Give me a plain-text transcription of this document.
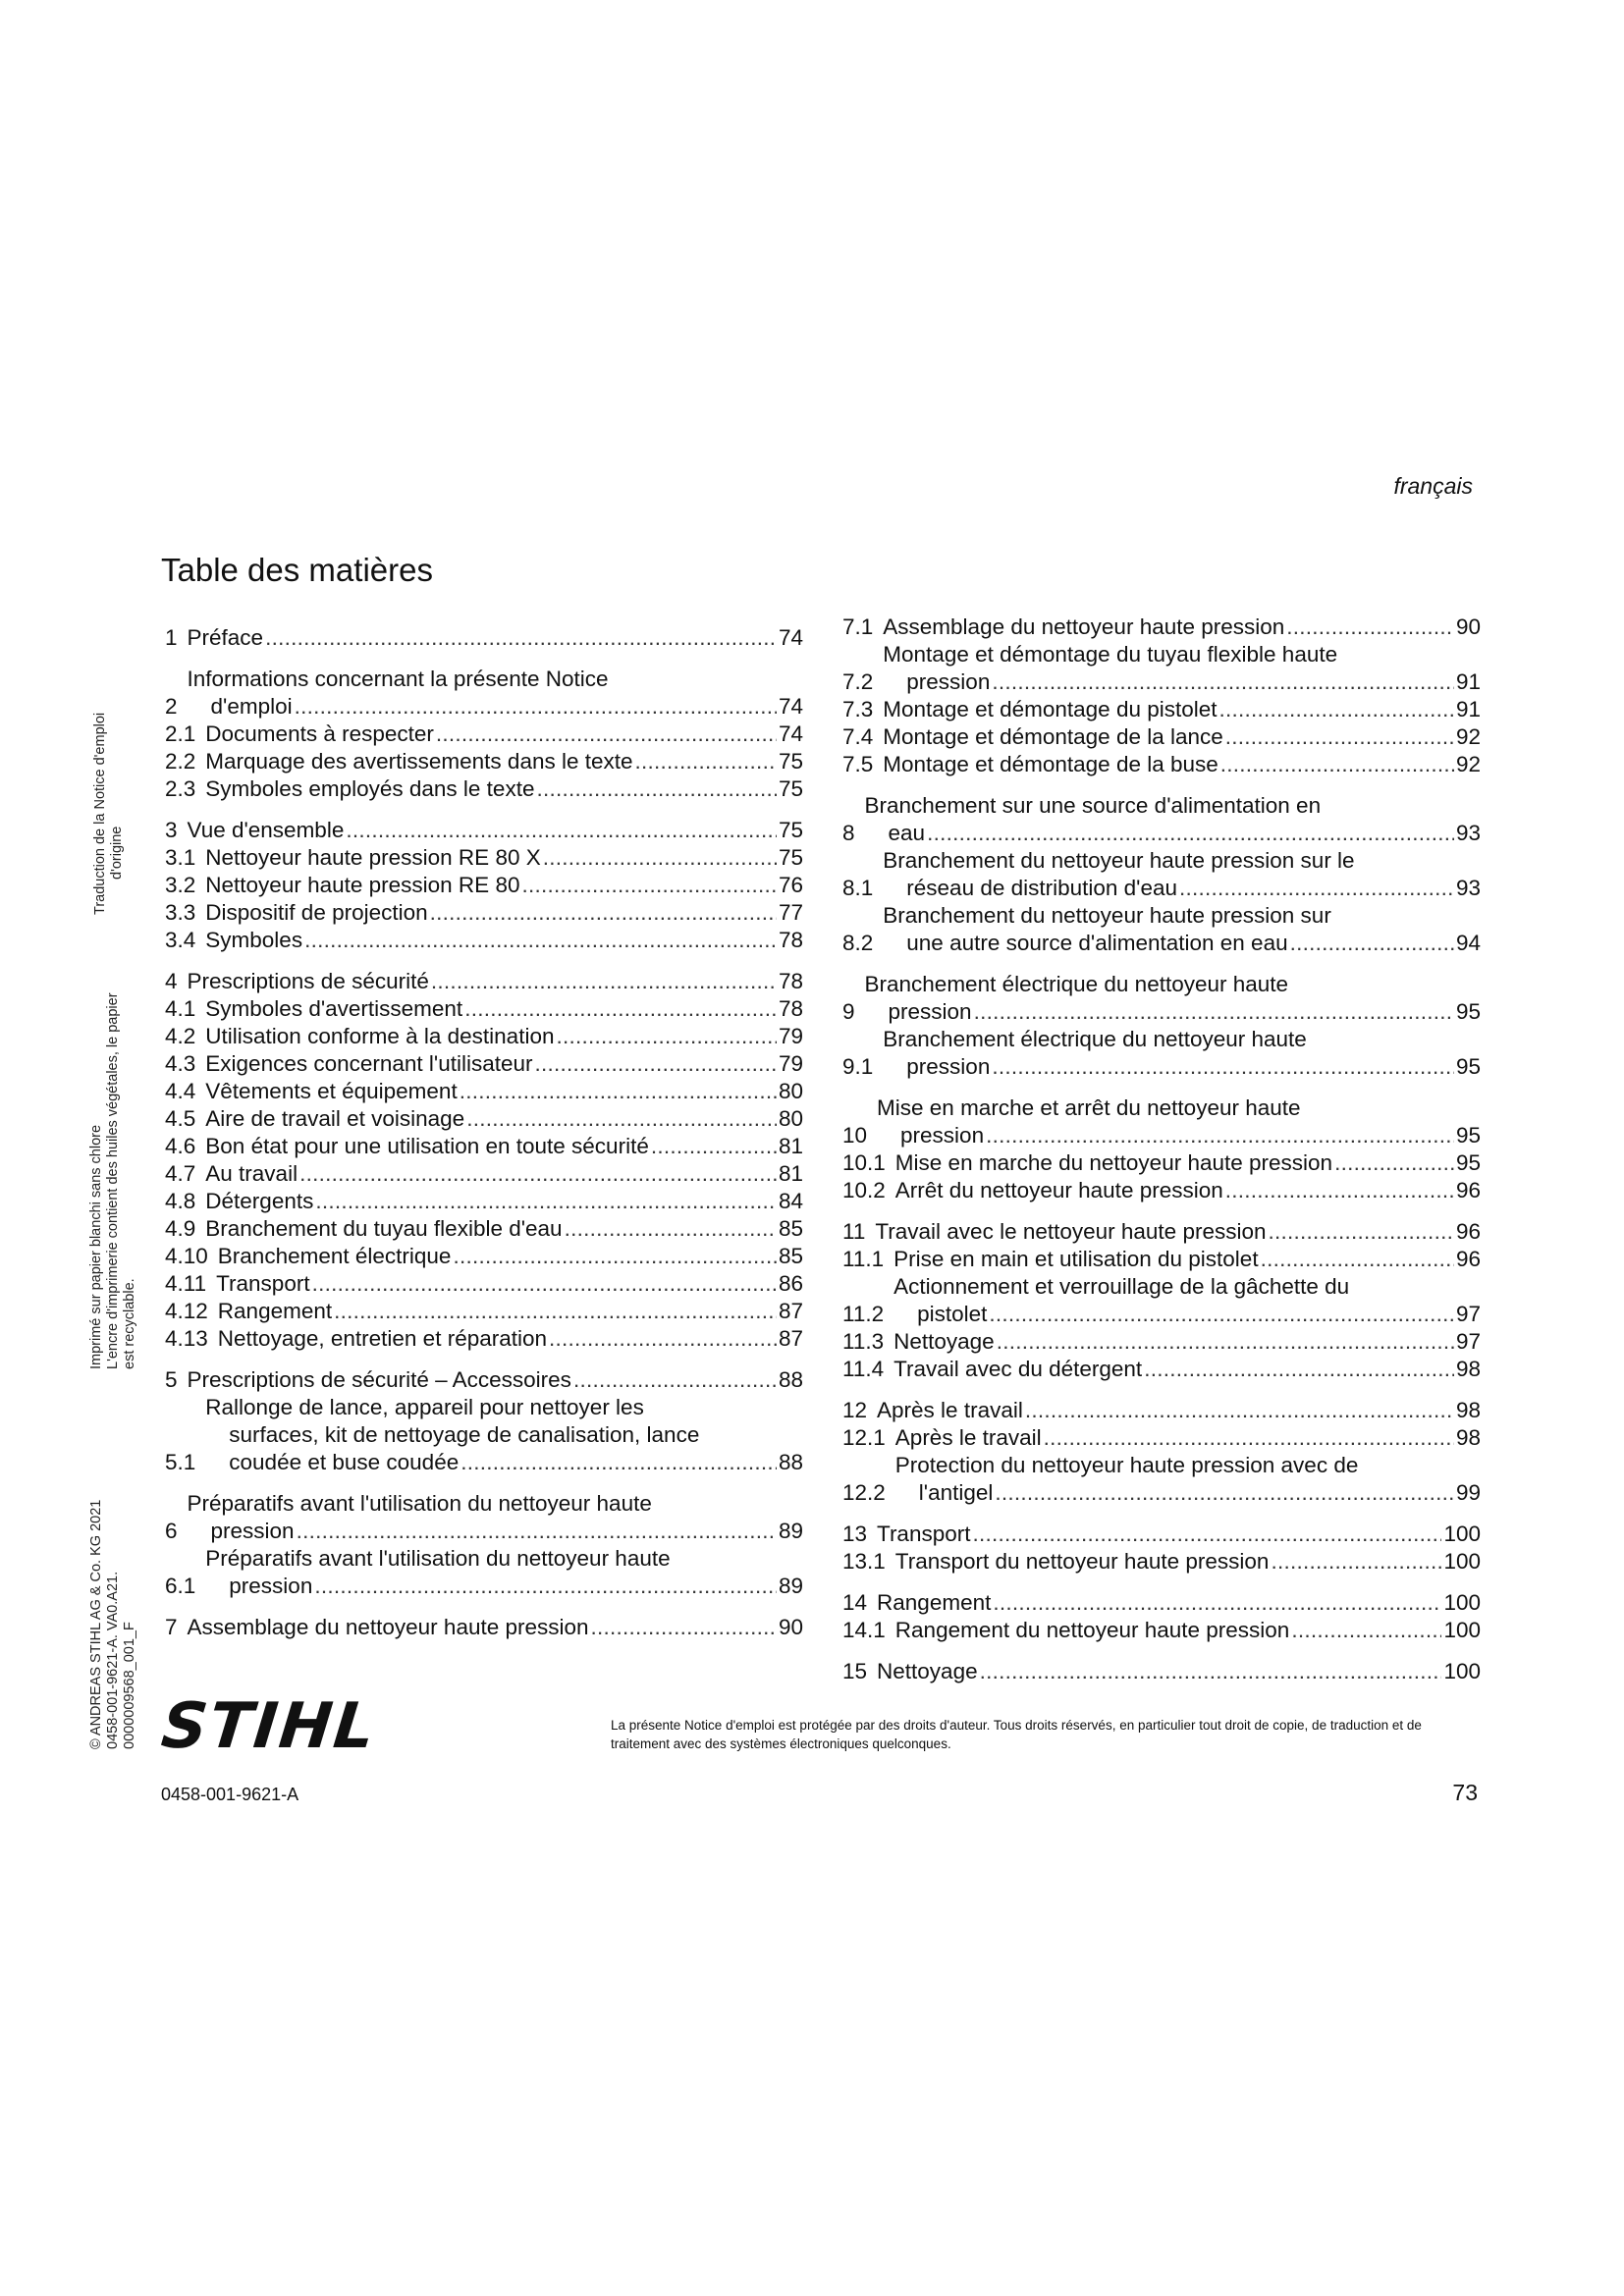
français
Table des matières
1 Préface . . .	74
2
Informations concernant la présente Notice
d'emploi . . .	74
2.1 Documents à respecter . . .	74
2.2 Marquage des avertissements dans le texte . . .	75
2.3 Symboles employés dans le texte . . .	75
3 Vue d'ensemble . . .	75
3.1 Nettoyeur haute pression RE 80 X . . .	75
3.2 Nettoyeur haute pression RE 80 . . .	76
3.3 Dispositif de projection . . .	77
3.4 Symboles . . .	78
4 Prescriptions de sécurité . . .	78
4.1 Symboles d'avertissement . . .	78
4.2 Utilisation conforme à la destination . . .	79
4.3 Exigences concernant l'utilisateur . . .	79
4.4 Vêtements et équipement . . .	80
4.5 Aire de travail et voisinage . . .	80
4.6 Bon état pour une utilisation en toute sécurité . . .	81
4.7 Au travail . . .	81
4.8 Détergents . . .	84
4.9 Branchement du tuyau flexible d'eau . . .	85
4.10 Branchement électrique . . .	85
4.11 Transport . . .	86
4.12 Rangement . . .	87
4.13 Nettoyage, entretien et réparation . . .	87
5 Prescriptions de sécurité – Accessoires . . .	88
5.1
Rallonge de lance, appareil pour nettoyer les
surfaces, kit de nettoyage de canalisation, lance
coudée et buse coudée . . .	88
6
Préparatifs avant l'utilisation du nettoyeur haute
pression . . .	89
6.1
Préparatifs avant l'utilisation du nettoyeur haute
pression . . .	89
7 Assemblage du nettoyeur haute pression . . .	90
7.1 Assemblage du nettoyeur haute pression . . .	90
7.2
Montage et démontage du tuyau flexible haute
pression . . .	91
7.3 Montage et démontage du pistolet . . .	91
7.4 Montage et démontage de la lance . . .	92
7.5 Montage et démontage de la buse . . .	92
8
Branchement sur une source d'alimentation en
eau . . .	93
8.1
Branchement du nettoyeur haute pression sur le
réseau de distribution d'eau . . .	93
8.2
Branchement du nettoyeur haute pression sur
une autre source d'alimentation en eau . . .	94
9
Branchement électrique du nettoyeur haute
pression . . .	95
9.1
Branchement électrique du nettoyeur haute
pression . . .	95
10
Mise en marche et arrêt du nettoyeur haute
pression . . .	95
10.1 Mise en marche du nettoyeur haute pression . . .	95
10.2 Arrêt du nettoyeur haute pression . . .	96
11 Travail avec le nettoyeur haute pression . . .	96
11.1 Prise en main et utilisation du pistolet . . .	96
11.2
Actionnement et verrouillage de la gâchette du
pistolet . . .	97
11.3 Nettoyage . . .	97
11.4 Travail avec du détergent . . .	98
12 Après le travail . . .	98
12.1 Après le travail . . .	98
12.2
Protection du nettoyeur haute pression avec de
l'antigel . . .	99
13 Transport . . .	100
13.1 Transport du nettoyeur haute pression . . .	100
14 Rangement . . .	100
14.1 Rangement du nettoyeur haute pression . . .	100
15 Nettoyage . . .	100
Traduction de la Notice d'emploi d'origine
Imprimé sur papier blanchi sans chlore L'encre d'imprimerie contient des huiles végétales, le papier est recyclable.
© ANDREAS STIHL AG & Co. KG 2021 0458-001-9621-A. VA0.A21. 0000009568_001_F STIHL	La présente Notice d'emploi est protégée par des droits d'auteur. Tous droits réservés, en particulier tout droit de copie, de traduction et de traitement avec des systèmes électroniques quelconques.
0458-001-9621-A	73
